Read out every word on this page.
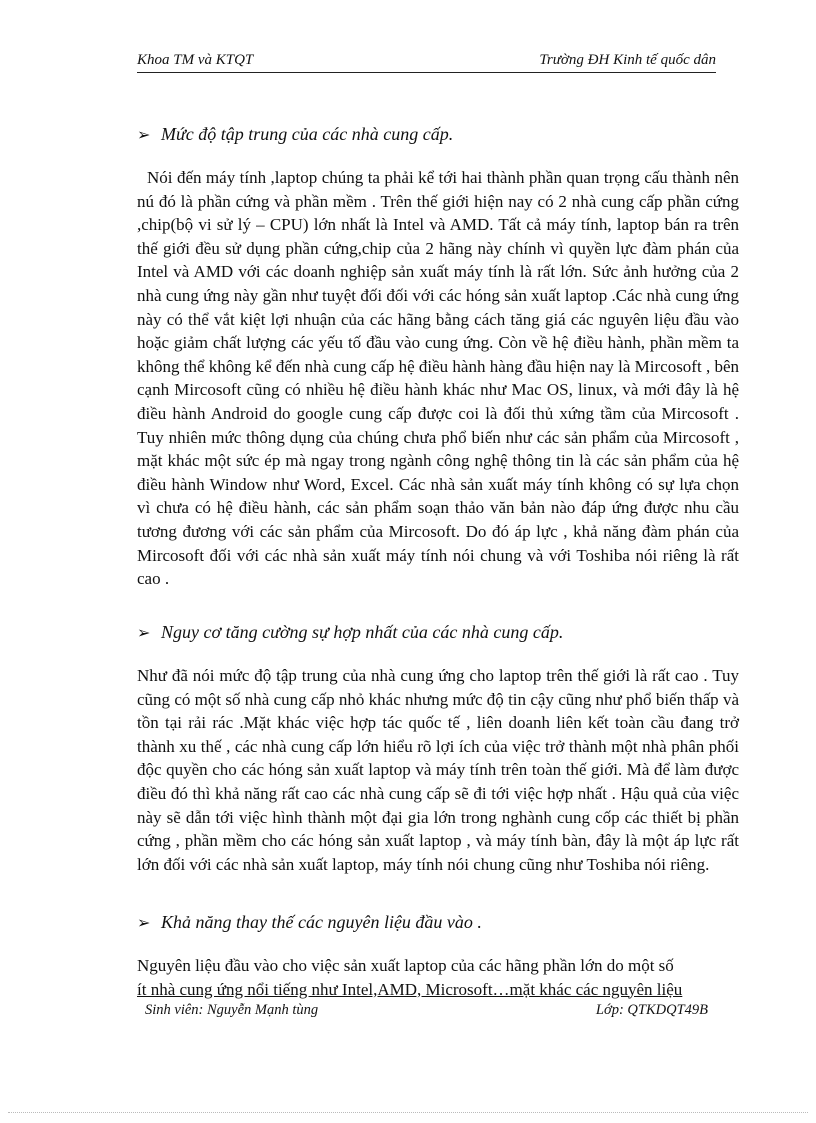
Khoa TM và KTQT	Trường ĐH Kinh tế quốc dân
➢ Mức độ tập trung của các nhà cung cấp.
Nói đến máy tính ,laptop chúng ta phải kể tới hai thành phần quan trọng cấu thành nên nú đó là phần cứng và phần mềm . Trên thế giới hiện nay có 2 nhà cung cấp phần cứng ,chip(bộ vi sử lý – CPU) lớn nhất là Intel và AMD. Tất cả máy tính, laptop bán ra trên thế giới đều sử dụng phần cứng,chip của 2 hãng này chính vì quyền lực đàm phán của Intel và AMD với các doanh nghiệp sản xuất máy tính là rất lớn. Sức ảnh hưởng của 2 nhà cung ứng này gần như tuyệt đối đối với các hóng sản xuất laptop .Các nhà cung ứng này có thể vắt kiệt lợi nhuận của các hãng bằng cách tăng giá các nguyên liệu đầu vào hoặc giảm chất lượng các yếu tố đầu vào cung ứng. Còn về hệ điều hành, phần mềm ta không thể không kể đến nhà cung cấp hệ điều hành hàng đầu hiện nay là Mircosoft , bên cạnh Mircosoft cũng có nhiều hệ điều hành khác như Mac OS, linux, và mới đây là hệ điều hành Android do google cung cấp được coi là đối thủ xứng tầm của Mircosoft . Tuy nhiên mức thông dụng của chúng chưa phổ biến như các sản phẩm của Mircosoft , mặt khác một sức ép mà ngay trong ngành công nghệ thông tin là các sản phẩm của hệ điều hành Window như Word, Excel. Các nhà sản xuất máy tính không có sự lựa chọn vì chưa có hệ điều hành, các sản phẩm soạn thảo văn bản nào đáp ứng được nhu cầu tương đương với các sản phẩm của Mircosoft. Do đó áp lực , khả năng đàm phán của Mircosoft đối với các nhà sản xuất máy tính nói chung và với Toshiba nói riêng là rất cao .
➢ Nguy cơ tăng cường sự hợp nhất của các nhà cung cấp.
Như đã nói mức độ tập trung của nhà cung ứng cho laptop trên thế giới là rất cao . Tuy cũng có một số nhà cung cấp nhỏ khác nhưng mức độ tin cậy cũng như phổ biến thấp và tồn tại rải rác .Mặt khác việc hợp tác quốc tế , liên doanh liên kết toàn cầu đang trở thành xu thế , các nhà cung cấp lớn hiểu rõ lợi ích của việc trở thành một nhà phân phối độc quyền cho các hóng sản xuất laptop và máy tính trên toàn thế giới. Mà để làm được điều đó thì khả năng rất cao các nhà cung cấp sẽ đi tới việc hợp nhất . Hậu quả của việc này sẽ dẫn tới việc hình thành một đại gia lớn trong nghành cung cốp các thiết bị phần cứng , phần mềm cho các hóng sản xuất laptop , và máy tính bàn, đây là một áp lực rất lớn đối với các nhà sản xuất laptop, máy tính nói chung cũng như Toshiba nói riêng.
➢ Khả năng thay thế các nguyên liệu đầu vào .
Nguyên liệu đầu vào cho việc sản xuất laptop của các hãng phần lớn do một số
ít nhà cung ứng nổi tiếng như Intel,AMD, Microsoft…mặt khác các nguyên liệu
Sinh viên: Nguyễn Mạnh tùng	Lớp: QTKDQT49B
